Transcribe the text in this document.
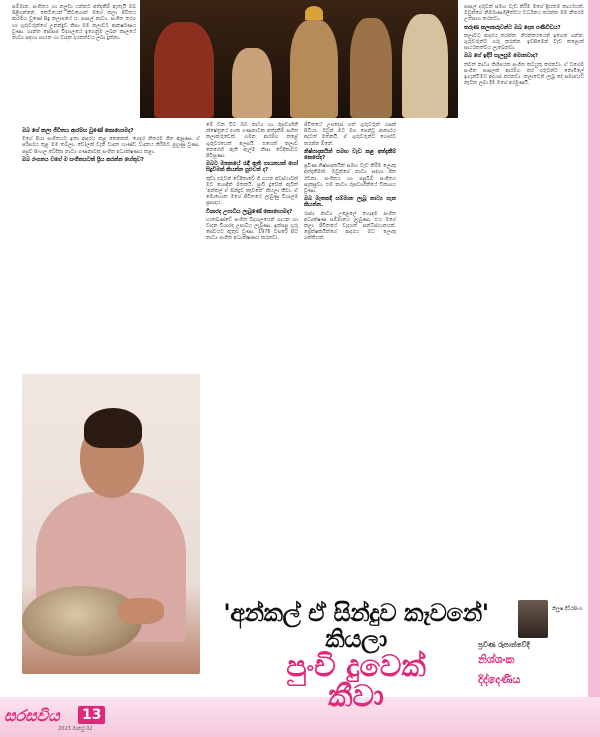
සම්මාන, සංගීතය හා නලුවා යන්නට අත්දැකීම් ඇතැයි ඔබ පිළිගන්නේ. කෙටියෙන් කිවහොත් මගේ කලා ජීවිතය ආරම්භ වුණේ සිඳු කලාපයේ ය. පාසල් නාට්‍ය, සංගීත තරග හා ගුරුවරුන්ගේ උනන්දුව නිසා මම කලාවට ආකර්ෂණය වුණා. ශාන්ත ජෝසප් විද්‍යාලයේ ඉගෙනුම ලබන කාලයේ නාට්‍ය සඳහා ගායන හා වාදන දායකත්වය ලබා දුන්නා.
ඔබ ගේ කලා ජීවිතය ආරම්භ වුණේ කොහොමද?
මගේ පියා සංගීතයට ඉතා ආදරය කළ කෙනෙක්. ගෙදර නිතරම ගීත ඇසුණා. ඒ පරිසරය තුළ මම තබ්ලා, ඩෝලක් වැනි වාදන භාණ්ඩ වාදනය කිරීමට පුහුණු වුණා. පසුව සිංහල වේදිකා නාට්‍ය ගණනාවක සංගීත අධ්‍යක්ෂණය කළා.
ඔබ රංගනය වගේ ම සංගීතයටත් ප්‍රිය කරන්න හේතුව?
මේ වන විට ඔබ නාට්‍ය හා රූපවාහිනී ක්ෂේත්‍රයේ දශක ගණනාවක අත්දැකීම් සහිත කලාකරුවෙක්. ගමන ආරම්භ කළේ ගුරුවරයෙක් ලෙසයි. එහෙත් කලාව කෙරෙහි ඇති ඇල්ම නිසා වේදිකාවට පිවිසුණා.
ඔබට මතකයේ රැඳී ඇති ගායනයක් හෝ සිදුවීමක් කියන්න පුළුවන් ද?
කුඩා දරුවන් වේදිකාවේ ගී ගයන අවස්ථාවක් මට හොඳින් මතකයි. පුංචි දුවෙක් ඇවිත් 'අන්කල් ඒ සින්දුව කෑවනේ' කියලා කීවා. ඒ මොහොත මගේ ජීවිතයේ ලැබුණු විශාලම ප්‍රසාදය.
විශාරද උපාධිය ලැබුණේ කොහොමද?
භාතඛණ්ඩේ සංගීත විද්‍යාලයෙන් ගායන හා වාදන විශාරද උපාධිය ලැබුණා. ඉන්පසු ගුරු සේවයට ඇතුළු වුණා. 1976 වසරේ සිට නාට්‍ය සංගීත අධ්‍යක්ෂණය කරනවා.
ජීවිතයේ උපදෙස් ගත් ගුරුවරුන් රැසක් සිටියා. ඔවුන් මට මග පෙන්වූ ආකාරය අදටත් මතකයි. ඒ ගුරුවරුන්ට ගෞරව කරන්න ඕනේ.
නිෂ්පාදකයින් සමඟ වැඩ කළ අත්දැකීම් කෙසේද?
ප්‍රවීණ නිෂ්පාදකයින් සමඟ වැඩ කිරීම ලොකු අත්දැකීමක්. ඔවුන්ගේ නාට්‍ය සඳහා ගීත රචනා, සංගීතය හා පසුබිම් සංගීතය සැකසුවා. එම නාට්‍ය රූපවාහිනියේ විකාශය වුණා.
ඔබ මෑතකදී සම්මාන ලැබූ නාට්‍ය ගැන කියන්න.
රාජ්‍ය නාට්‍ය උළෙලේ හොඳම සංගීත අධ්‍යක්ෂණ සම්මානය ලැබුණා. එය මගේ කලා ජීවිතයේ වැදගත් සන්ධිස්ථානයක්. ප්‍රේක්ෂකයින්ගේ ආදරය මට ලොකු ශක්තියක්.
පාසල් දරුවන් සමඟ වැඩ කිරීම මගේ ප්‍රියතම කාර්යයක්. ඔවුන්ගේ නිර්මාණශීලීත්වය වර්ධනය කරන්න මම නිතරම උත්සාහ කරනවා.
තරුණ කලාකරුවන්ට ඔබ දෙන පණිවිඩය?
කලාවට ආදරය කරන්න. නිරන්තරයෙන් ඉගෙන ගන්න. ගුරුවරුන්ට ගරු කරන්න. ඉවසීමෙන් වැඩ කළොත් සාර්ථකත්වය ලැබෙනවා.
ඔබ ගේ ඉදිරි සැලසුම් මොනවාද?
තවත් නාට්‍ය කිහිපයක සංගීත කටයුතු කරනවා. ඒ වගේම සංගීත පාසලක් ආරම්භ කර දරුවන්ට නොමිලේ ඉගැන්වීමට අදහස් කරනවා. කලාවෙන් ලැබූ දේ සමාජයට නැවත ලබා දීම මගේ අරමුණයි.
'අන්කල් ඒ සින්දුව කෑවනේ'
කියලා
පුංචි දුවෙක්
කීවා
නිලූෂ දිව්රසිංහ
ප්‍රවීණ රූපාන්වේදී
නිශ්ශංක
දිද්දෙණිය
සරසවිය 13
2023 මාර්තු 02
